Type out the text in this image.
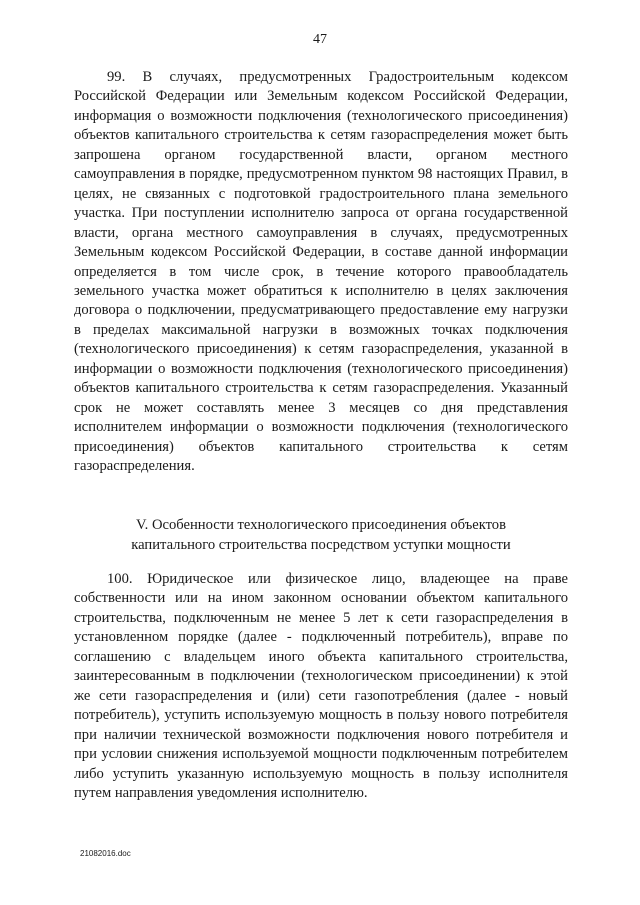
47

99. В случаях, предусмотренных Градостроительным кодексом Российской Федерации или Земельным кодексом Российской Федерации, информация о возможности подключения (технологического присоединения) объектов капитального строительства к сетям газораспределения может быть запрошена органом государственной власти, органом местного самоуправления в порядке, предусмотренном пунктом 98 настоящих Правил, в целях, не связанных с подготовкой градостроительного плана земельного участка. При поступлении исполнителю запроса от органа государственной власти, органа местного самоуправления в случаях, предусмотренных Земельным кодексом Российской Федерации, в составе данной информации определяется в том числе срок, в течение которого правообладатель земельного участка может обратиться к исполнителю в целях заключения договора о подключении, предусматривающего предоставление ему нагрузки в пределах максимальной нагрузки в возможных точках подключения (технологического присоединения) к сетям газораспределения, указанной в информации о возможности подключения (технологического присоединения) объектов капитального строительства к сетям газораспределения. Указанный срок не может составлять менее 3 месяцев со дня представления исполнителем информации о возможности подключения (технологического присоединения) объектов капитального строительства к сетям газораспределения.

V. Особенности технологического присоединения объектов
капитального строительства посредством уступки мощности

100. Юридическое или физическое лицо, владеющее на праве собственности или на ином законном основании объектом капитального строительства, подключенным не менее 5 лет к сети газораспределения в установленном порядке (далее - подключенный потребитель), вправе по соглашению с владельцем иного объекта капитального строительства, заинтересованным в подключении (технологическом присоединении) к этой же сети газораспределения и (или) сети газопотребления (далее - новый потребитель), уступить используемую мощность в пользу нового потребителя при наличии технической возможности подключения нового потребителя и при условии снижения используемой мощности подключенным потребителем либо уступить указанную используемую мощность в пользу исполнителя путем направления уведомления исполнителю.

21082016.doc
